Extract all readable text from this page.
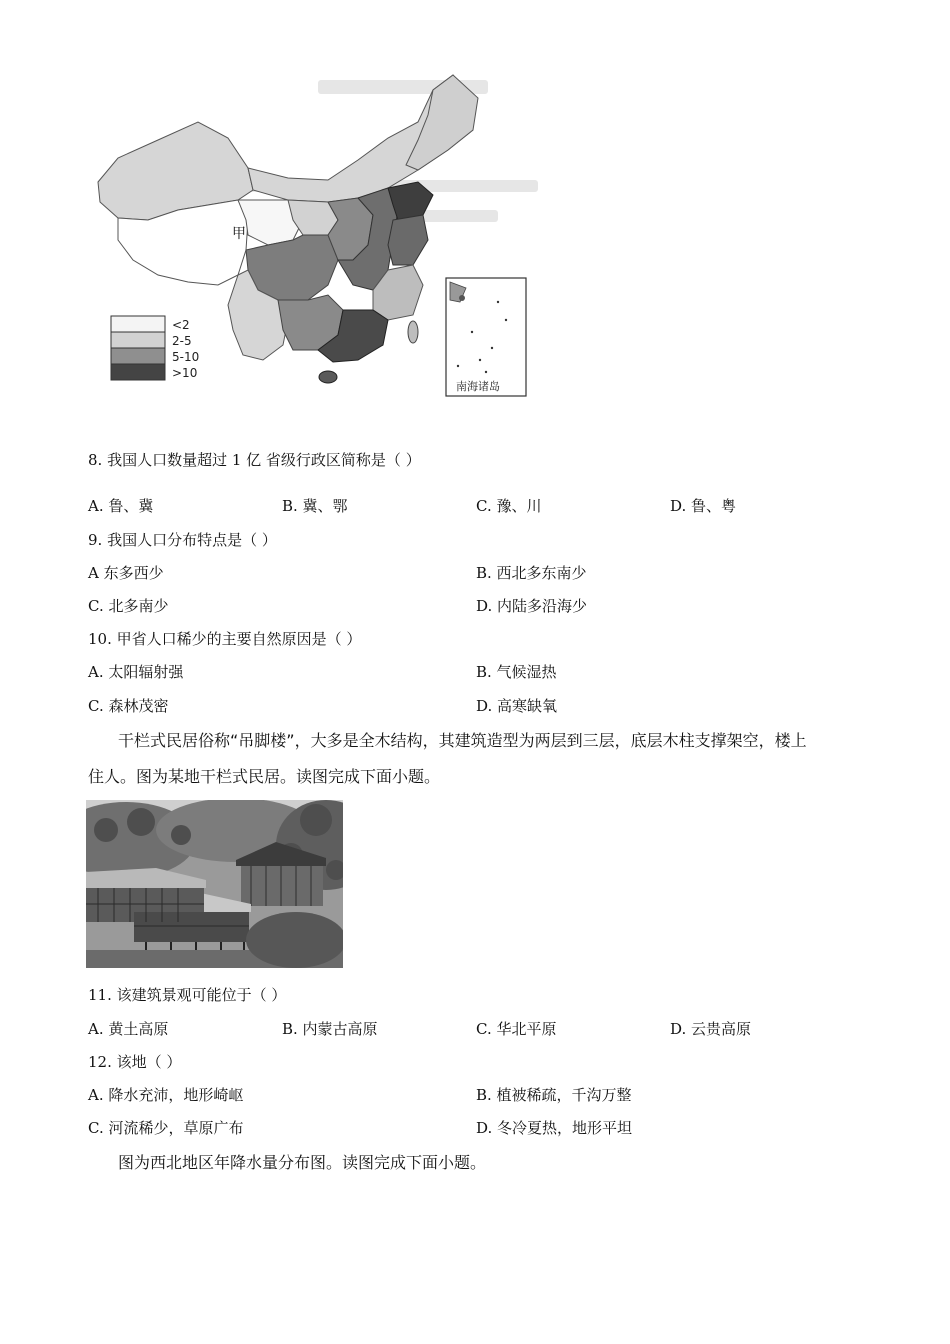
甲
<2
2-5
5-10
>10
南海诸岛
8. 我国人口数量超过 1 亿 省级行政区简称是（ ）
A. 鲁、冀	B. 冀、鄂	C. 豫、川	D. 鲁、粤
9. 我国人口分布特点是（ ）
A 东多西少	B. 西北多东南少
C. 北多南少	D. 内陆多沿海少
10. 甲省人口稀少的主要自然原因是（ ）
A. 太阳辐射强	B. 气候湿热
C. 森林茂密	D. 高寒缺氧
干栏式民居俗称“吊脚楼”，大多是全木结构，其建筑造型为两层到三层，底层木柱支撑架空，楼上
住人。图为某地干栏式民居。读图完成下面小题。
11. 该建筑景观可能位于（ ）
A. 黄土高原	B. 内蒙古高原	C. 华北平原	D. 云贵高原
12. 该地（ ）
A. 降水充沛，地形崎岖	B. 植被稀疏，千沟万整
C. 河流稀少，草原广布	D. 冬冷夏热，地形平坦
图为西北地区年降水量分布图。读图完成下面小题。
